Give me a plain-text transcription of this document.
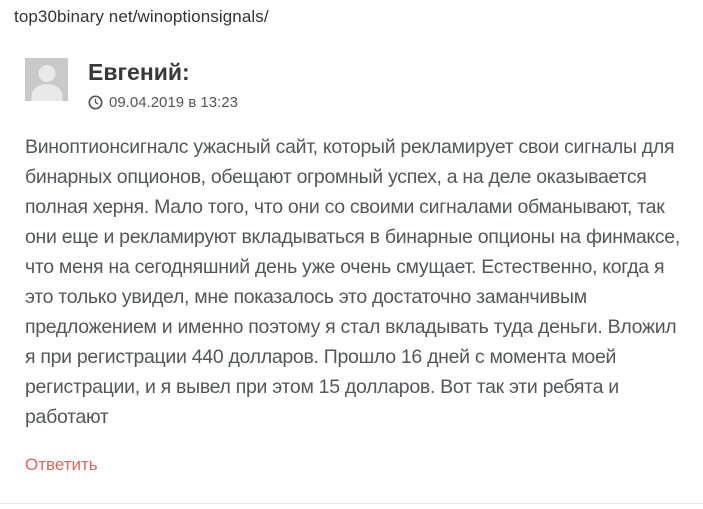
top30binary net/winoptionsignals/
Евгений:
09.04.2019 в 13:23

Виноптионсигналс ужасный сайт, который рекламирует свои сигналы для бинарных опционов, обещают огромный успех, а на деле оказывается полная херня. Мало того, что они со своими сигналами обманывают, так они еще и рекламируют вкладываться в бинарные опционы на финмаксе, что меня на сегодняшний день уже очень смущает. Естественно, когда я это только увидел, мне показалось это достаточно заманчивым предложением и именно поэтому я стал вкладывать туда деньги. Вложил я при регистрации 440 долларов. Прошло 16 дней с момента моей регистрации, и я вывел при этом 15 долларов. Вот так эти ребята и работают

Ответить
